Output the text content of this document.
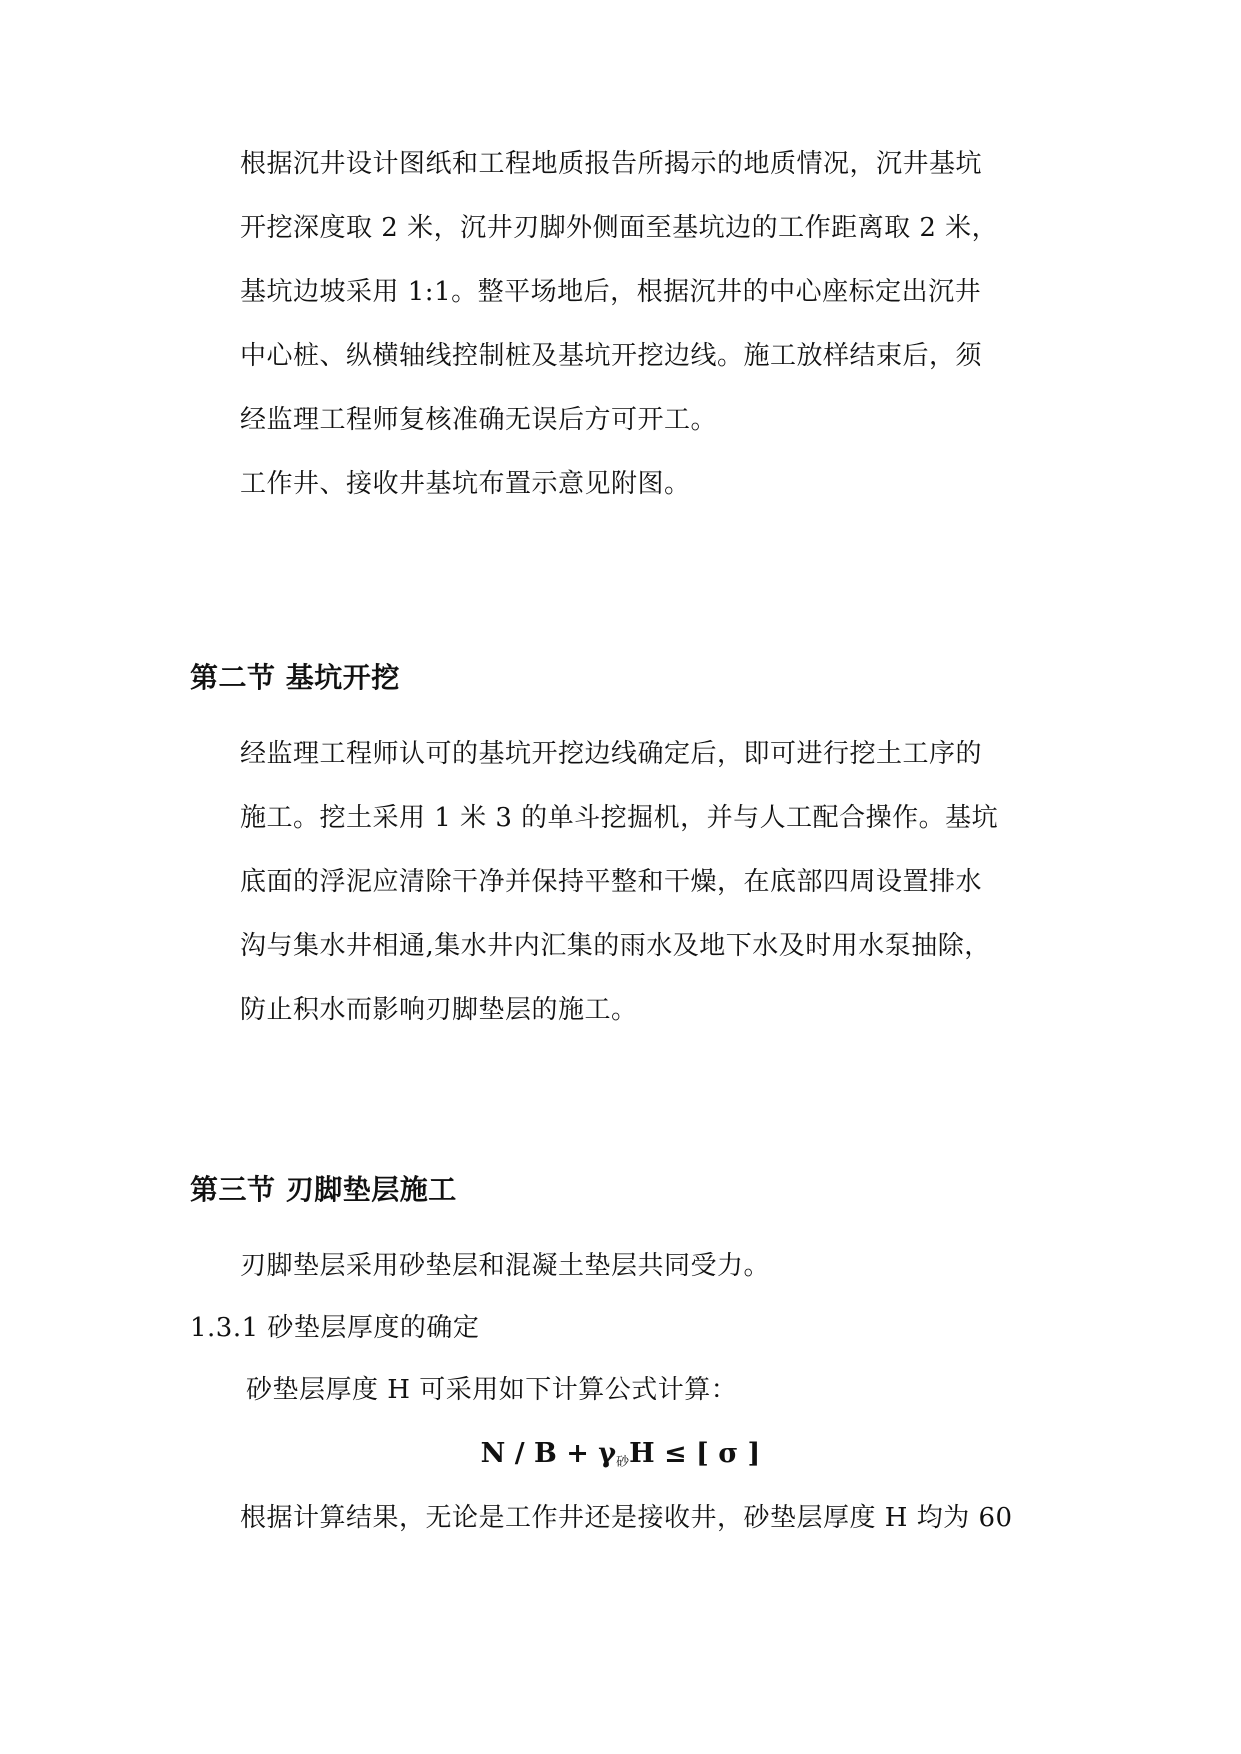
根据沉井设计图纸和工程地质报告所揭示的地质情况，沉井基坑
开挖深度取 2 米，沉井刃脚外侧面至基坑边的工作距离取 2 米，
基坑边坡采用 1:1。整平场地后，根据沉井的中心座标定出沉井
中心桩、纵横轴线控制桩及基坑开挖边线。施工放样结束后，须
经监理工程师复核准确无误后方可开工。
工作井、接收井基坑布置示意见附图。
第二节 基坑开挖
经监理工程师认可的基坑开挖边线确定后，即可进行挖土工序的
施工。挖土采用 1 米 3 的单斗挖掘机，并与人工配合操作。基坑
底面的浮泥应清除干净并保持平整和干燥，在底部四周设置排水
沟与集水井相通,集水井内汇集的雨水及地下水及时用水泵抽除，
防止积水而影响刃脚垫层的施工。
第三节 刃脚垫层施工
刃脚垫层采用砂垫层和混凝土垫层共同受力。
1.3.1 砂垫层厚度的确定
砂垫层厚度 H 可采用如下计算公式计算：
$N / B + \gamma_砂H$ ≤ [ σ ]
根据计算结果，无论是工作井还是接收井，砂垫层厚度 H 均为 60
